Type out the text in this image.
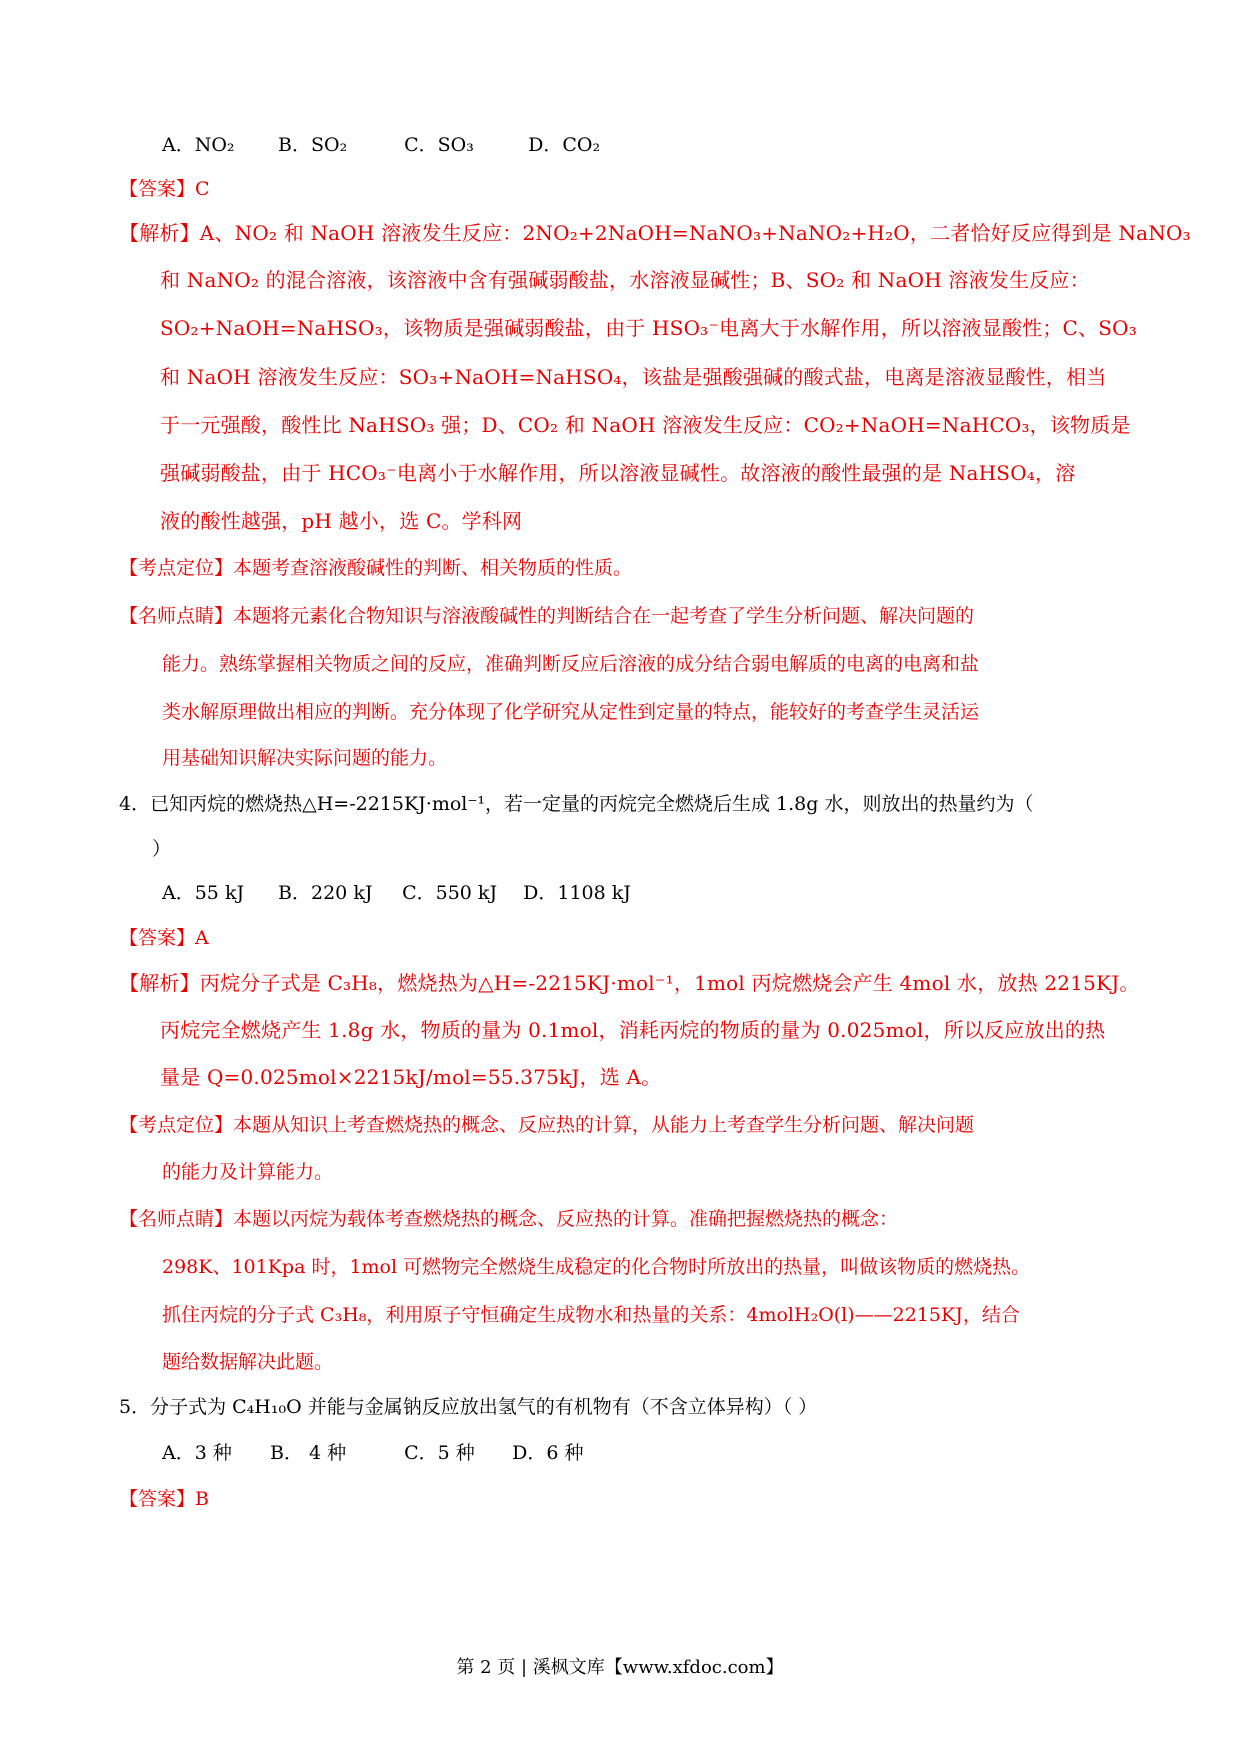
A．NO₂ B．SO₂	C．SO₃	D．CO₂
【答案】C
【解析】A、NO₂ 和 NaOH 溶液发生反应：2NO₂+2NaOH=NaNO₃+NaNO₂+H₂O，二者恰好反应得到是 NaNO₃
和 NaNO₂ 的混合溶液，该溶液中含有强碱弱酸盐，水溶液显碱性；B、SO₂ 和 NaOH 溶液发生反应：
SO₂+NaOH=NaHSO₃，该物质是强碱弱酸盐，由于 HSO₃⁻电离大于水解作用，所以溶液显酸性；C、SO₃
和 NaOH 溶液发生反应：SO₃+NaOH=NaHSO₄，该盐是强酸强碱的酸式盐，电离是溶液显酸性，相当
于一元强酸，酸性比 NaHSO₃ 强；D、CO₂ 和 NaOH 溶液发生反应：CO₂+NaOH=NaHCO₃，该物质是
强碱弱酸盐，由于 HCO₃⁻电离小于水解作用，所以溶液显碱性。故溶液的酸性最强的是 NaHSO₄，溶
液的酸性越强，pH 越小，选 C。学科网
【考点定位】本题考查溶液酸碱性的判断、相关物质的性质。
【名师点睛】本题将元素化合物知识与溶液酸碱性的判断结合在一起考查了学生分析问题、解决问题的
能力。熟练掌握相关物质之间的反应，准确判断反应后溶液的成分结合弱电解质的电离的电离和盐
类水解原理做出相应的判断。充分体现了化学研究从定性到定量的特点，能较好的考查学生灵活运
用基础知识解决实际问题的能力。
4．已知丙烷的燃烧热△H=-2215KJ·mol⁻¹，若一定量的丙烷完全燃烧后生成 1.8g 水，则放出的热量约为（
）
A．55 kJ B．220 kJ C．550 kJ D．1108 kJ
【答案】A
【解析】丙烷分子式是 C₃H₈，燃烧热为△H=-2215KJ·mol⁻¹，1mol 丙烷燃烧会产生 4mol 水，放热 2215KJ。
丙烷完全燃烧产生 1.8g 水，物质的量为 0.1mol，消耗丙烷的物质的量为 0.025mol，所以反应放出的热
量是 Q=0.025mol×2215kJ/mol=55.375kJ，选 A。
【考点定位】本题从知识上考查燃烧热的概念、反应热的计算，从能力上考查学生分析问题、解决问题
的能力及计算能力。
【名师点睛】本题以丙烷为载体考查燃烧热的概念、反应热的计算。准确把握燃烧热的概念：
298K、101Kpa 时，1mol 可燃物完全燃烧生成稳定的化合物时所放出的热量，叫做该物质的燃烧热。
抓住丙烷的分子式 C₃H₈，利用原子守恒确定生成物水和热量的关系：4molH₂O(l)——2215KJ，结合
题给数据解决此题。
5．分子式为 C₄H₁₀O 并能与金属钠反应放出氢气的有机物有（不含立体异构）（ ）
A．3 种 B． 4 种	C．5 种 D．6 种
【答案】B
第 2 页 | 溪枫文库【www.xfdoc.com】
